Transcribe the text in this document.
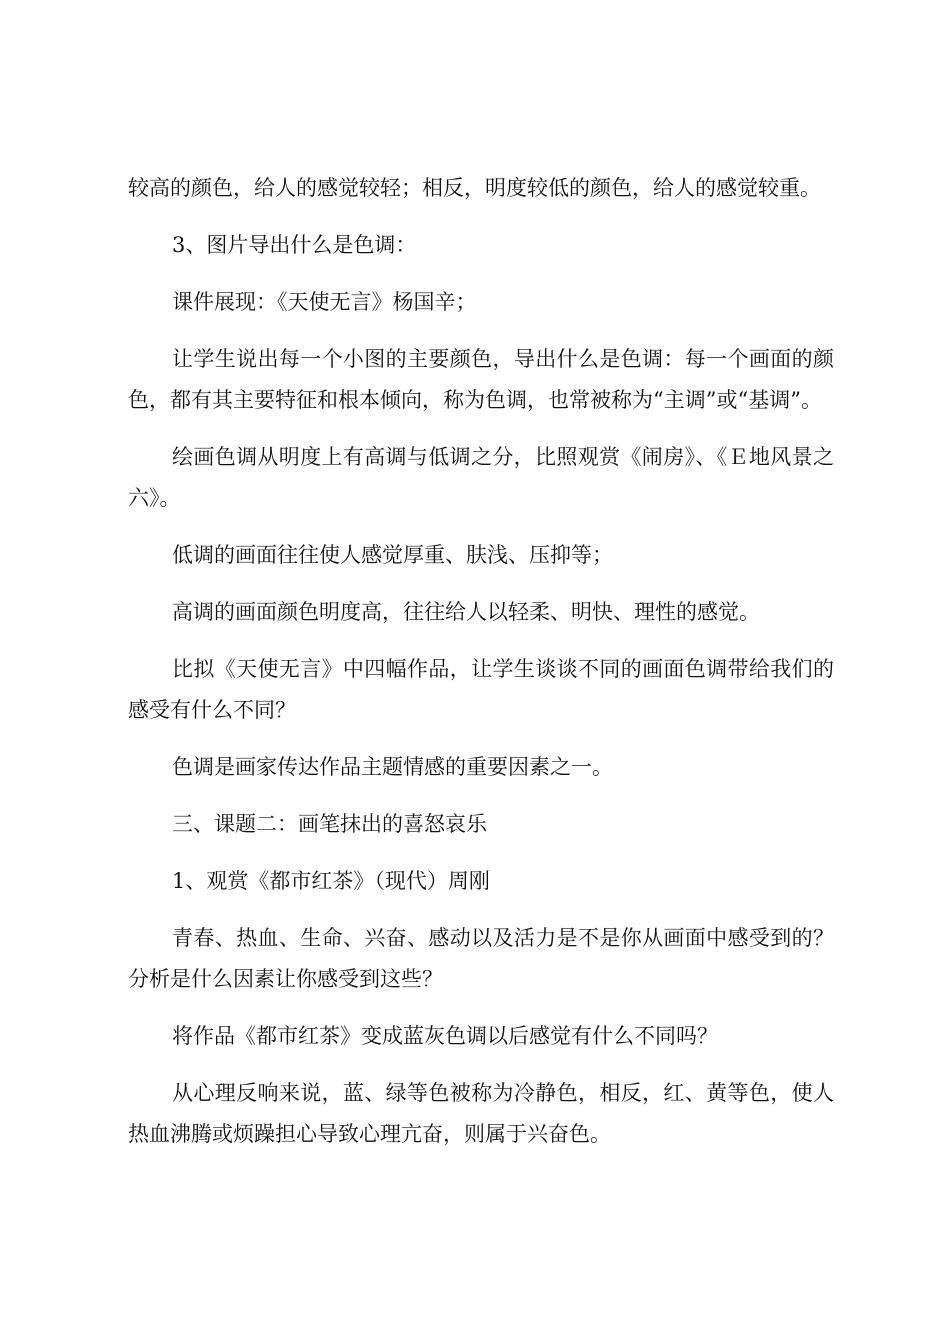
较高的颜色，给人的感觉较轻；相反，明度较低的颜色，给人的感觉较重。

3、图片导出什么是色调：

课件展现：《天使无言》杨国辛；

让学生说出每一个小图的主要颜色，导出什么是色调：每一个画面的颜色，都有其主要特征和根本倾向，称为色调，也常被称为“主调”或“基调”。

绘画色调从明度上有高调与低调之分，比照观赏《闹房》、《Ｅ地风景之六》。

低调的画面往往使人感觉厚重、肤浅、压抑等；

高调的画面颜色明度高，往往给人以轻柔、明快、理性的感觉。

比拟《天使无言》中四幅作品，让学生谈谈不同的画面色调带给我们的感受有什么不同？

色调是画家传达作品主题情感的重要因素之一。

三、课题二：画笔抹出的喜怒哀乐

1、观赏《都市红茶》（现代）周刚

青春、热血、生命、兴奋、感动以及活力是不是你从画面中感受到的？分析是什么因素让你感受到这些？

将作品《都市红茶》变成蓝灰色调以后感觉有什么不同吗？

从心理反响来说，蓝、绿等色被称为冷静色，相反，红、黄等色，使人热血沸腾或烦躁担心导致心理亢奋，则属于兴奋色。
